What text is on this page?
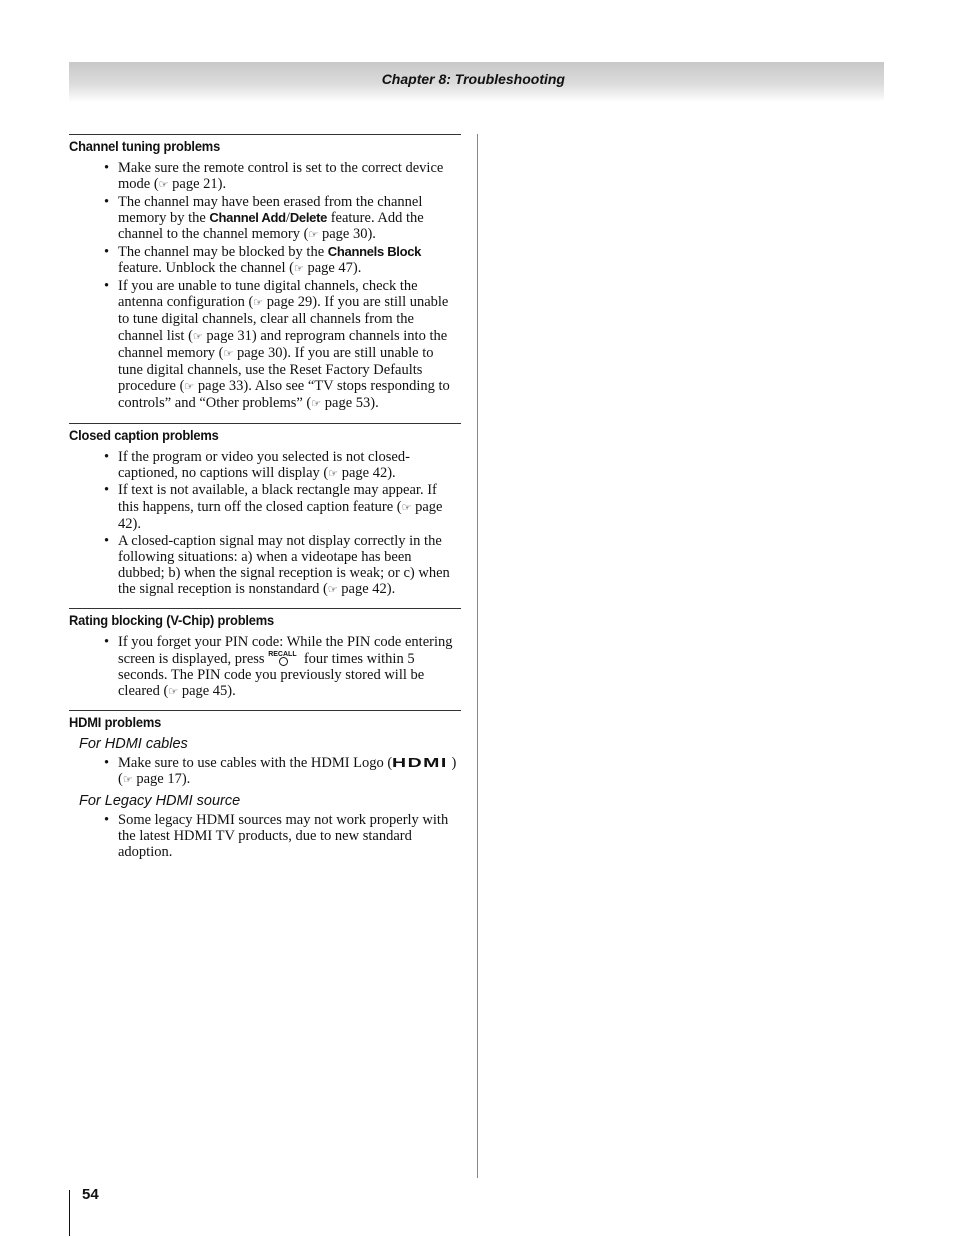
Chapter 8: Troubleshooting
Channel tuning problems
• Make sure the remote control is set to the correct device mode (☞ page 21).
• The channel may have been erased from the channel memory by the Channel Add/Delete feature. Add the channel to the channel memory (☞ page 30).
• The channel may be blocked by the Channels Block feature. Unblock the channel (☞ page 47).
• If you are unable to tune digital channels, check the antenna configuration (☞ page 29). If you are still unable to tune digital channels, clear all channels from the channel list (☞ page 31) and reprogram channels into the channel memory (☞ page 30). If you are still unable to tune digital channels, use the Reset Factory Defaults procedure (☞ page 33). Also see “TV stops responding to controls” and “Other problems” (☞ page 53).
Closed caption problems
• If the program or video you selected is not closed-captioned, no captions will display (☞ page 42).
• If text is not available, a black rectangle may appear. If this happens, turn off the closed caption feature (☞ page 42).
• A closed-caption signal may not display correctly in the following situations: a) when a videotape has been dubbed; b) when the signal reception is weak; or c) when the signal reception is nonstandard (☞ page 42).
Rating blocking (V-Chip) problems
• If you forget your PIN code: While the PIN code entering screen is displayed, press RECALL four times within 5 seconds. The PIN code you previously stored will be cleared (☞ page 45).
HDMI problems
For HDMI cables
• Make sure to use cables with the HDMI Logo (HDMI ) (☞ page 17).
For Legacy HDMI source
• Some legacy HDMI sources may not work properly with the latest HDMI TV products, due to new standard adoption.
54
